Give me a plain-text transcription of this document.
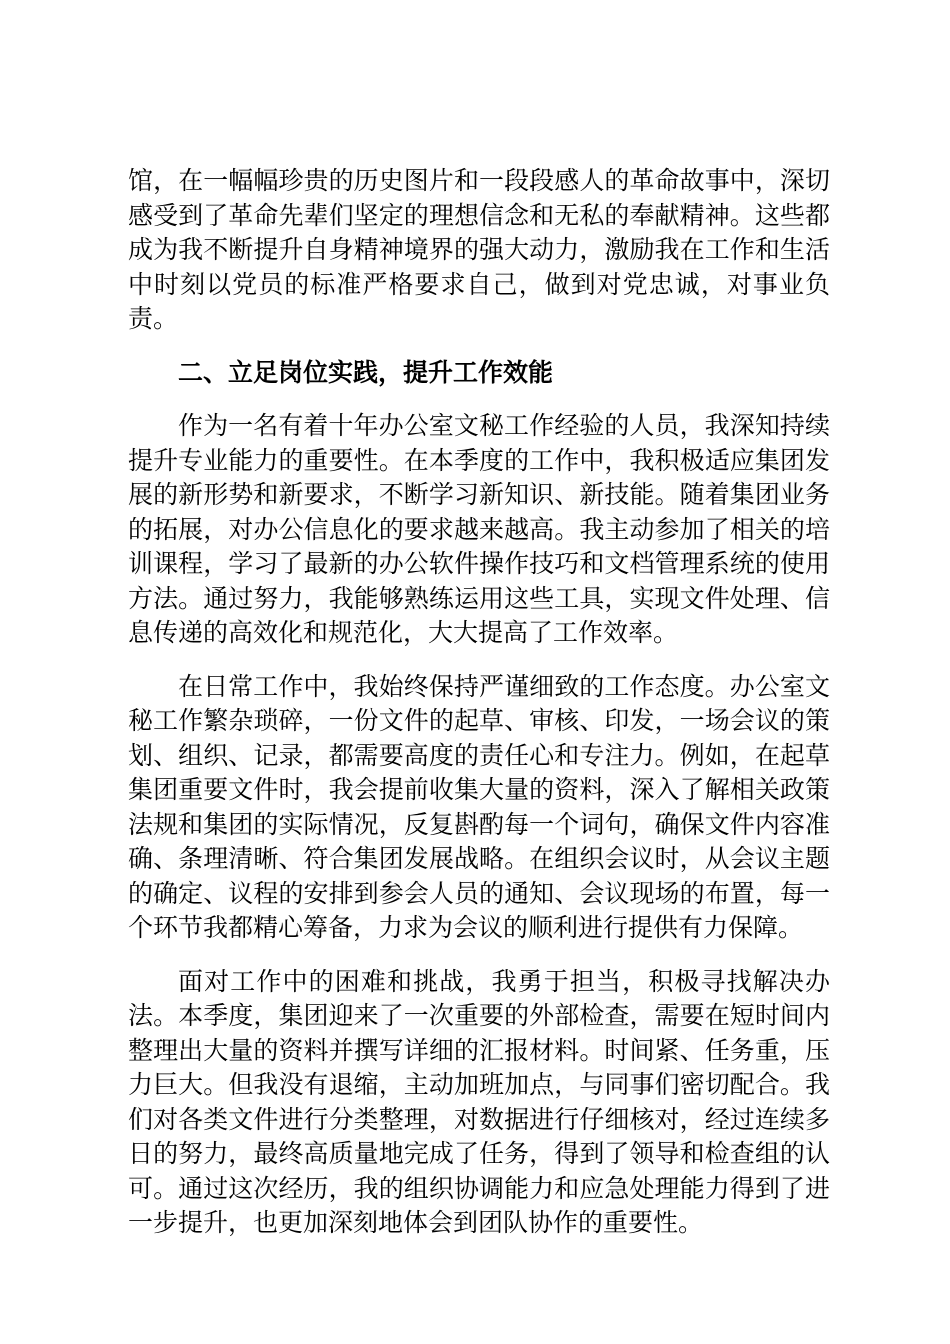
馆，在一幅幅珍贵的历史图片和一段段感人的革命故事中，深切感受到了革命先辈们坚定的理想信念和无私的奉献精神。这些都成为我不断提升自身精神境界的强大动力，激励我在工作和生活中时刻以党员的标准严格要求自己，做到对党忠诚，对事业负责。

二、立足岗位实践，提升工作效能

作为一名有着十年办公室文秘工作经验的人员，我深知持续提升专业能力的重要性。在本季度的工作中，我积极适应集团发展的新形势和新要求，不断学习新知识、新技能。随着集团业务的拓展，对办公信息化的要求越来越高。我主动参加了相关的培训课程，学习了最新的办公软件操作技巧和文档管理系统的使用方法。通过努力，我能够熟练运用这些工具，实现文件处理、信息传递的高效化和规范化，大大提高了工作效率。

在日常工作中，我始终保持严谨细致的工作态度。办公室文秘工作繁杂琐碎，一份文件的起草、审核、印发，一场会议的策划、组织、记录，都需要高度的责任心和专注力。例如，在起草集团重要文件时，我会提前收集大量的资料，深入了解相关政策法规和集团的实际情况，反复斟酌每一个词句，确保文件内容准确、条理清晰、符合集团发展战略。在组织会议时，从会议主题的确定、议程的安排到参会人员的通知、会议现场的布置，每一个环节我都精心筹备，力求为会议的顺利进行提供有力保障。

面对工作中的困难和挑战，我勇于担当，积极寻找解决办法。本季度，集团迎来了一次重要的外部检查，需要在短时间内整理出大量的资料并撰写详细的汇报材料。时间紧、任务重，压力巨大。但我没有退缩，主动加班加点，与同事们密切配合。我们对各类文件进行分类整理，对数据进行仔细核对，经过连续多日的努力，最终高质量地完成了任务，得到了领导和检查组的认可。通过这次经历，我的组织协调能力和应急处理能力得到了进一步提升，也更加深刻地体会到团队协作的重要性。
